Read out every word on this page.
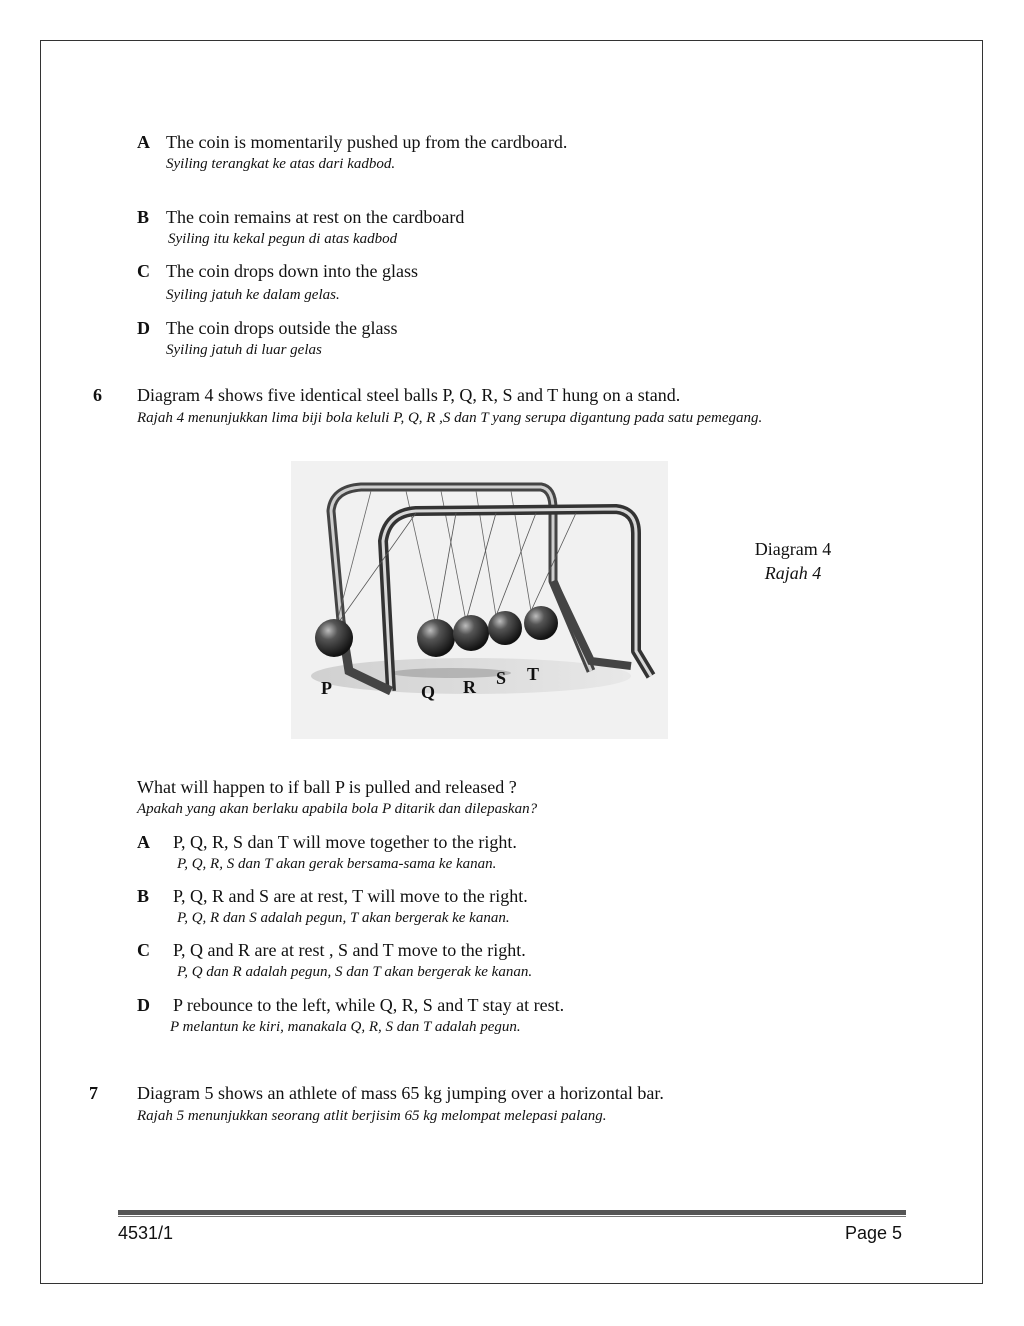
A The coin is momentarily pushed up from the cardboard.
Syiling terangkat ke atas dari kadbod.
B The coin remains at rest on the cardboard
Syiling itu kekal pegun di atas kadbod
C The coin drops down into the glass
Syiling jatuh ke dalam gelas.
D The coin drops outside the glass
Syiling jatuh di luar gelas
6 Diagram 4 shows five identical steel balls P, Q, R, S and T hung on a stand.
Rajah 4 menunjukkan lima biji bola keluli P, Q, R ,S dan T yang serupa digantung pada satu pemegang.
P	Q R S T
Diagram 4
Rajah 4
What will happen to if ball P is pulled and released ?
Apakah yang akan berlaku apabila bola P ditarik dan dilepaskan?
A P, Q, R, S dan T will move together to the right.
P, Q, R, S dan T akan gerak bersama-sama ke kanan.
B P, Q, R and S are at rest, T will move to the right.
P, Q, R dan S adalah pegun, T akan bergerak ke kanan.
C P, Q and R are at rest , S and T move to the right.
P, Q dan R adalah pegun, S dan T akan bergerak ke kanan.
D P rebounce to the left, while Q, R, S and T stay at rest.
P melantun ke kiri, manakala Q, R, S dan T adalah pegun.
7 Diagram 5 shows an athlete of mass 65 kg jumping over a horizontal bar.
Rajah 5 menunjukkan seorang atlit berjisim 65 kg melompat melepasi palang.
4531/1	Page 5
